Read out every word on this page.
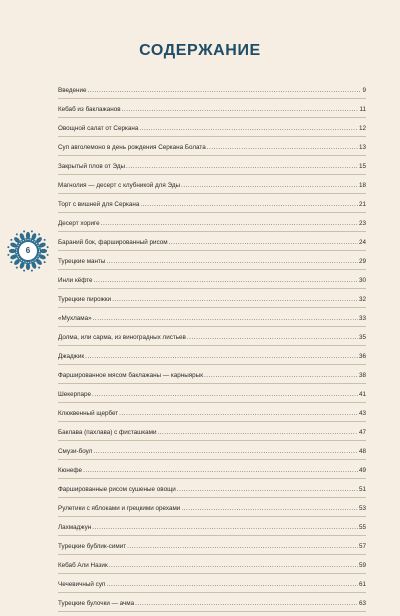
СОДЕРЖАНИЕ
Введение . . .	9
Кебаб из баклажанов . . .	11
Овощной салат от Серкана . . .	12
Суп авголемоно в день рождения Серкана Болата . . .	13
Закрытый плов от Эды . . .	15
Магнолия — десерт с клубникой для Эды . . .	18
Торт с вишней для Серкана . . .	21
Десерт хориге . . .	23
Бараний бок, фаршированный рисом . . .	24
Турецкие манты . . .	29
Инли кёфте . . .	30
Турецкие пирожки . . .	32
«Мухлама» . . .	33
Долма, или сарма, из виноградных листьев . . .	35
Джаджик . . .	36
Фаршированное мясом баклажаны — карныярык . . .	38
Шекерпаре . . .	41
Клюквенный щербет . . .	43
Баклава (пахлава) с фисташками . . .	47
Смузи-боул . . .	48
Кюнефе . . .	49
Фаршированные рисом сушеные овощи . . .	51
Рулетики с яблоками и грецкими орехами . . .	53
Лахмаджун . . .	55
Турецкие бублик-симит . . .	57
Кебаб Али Назик . . .	59
Чечевичный суп . . .	61
Турецкие булочки — ачма . . .	63
6
